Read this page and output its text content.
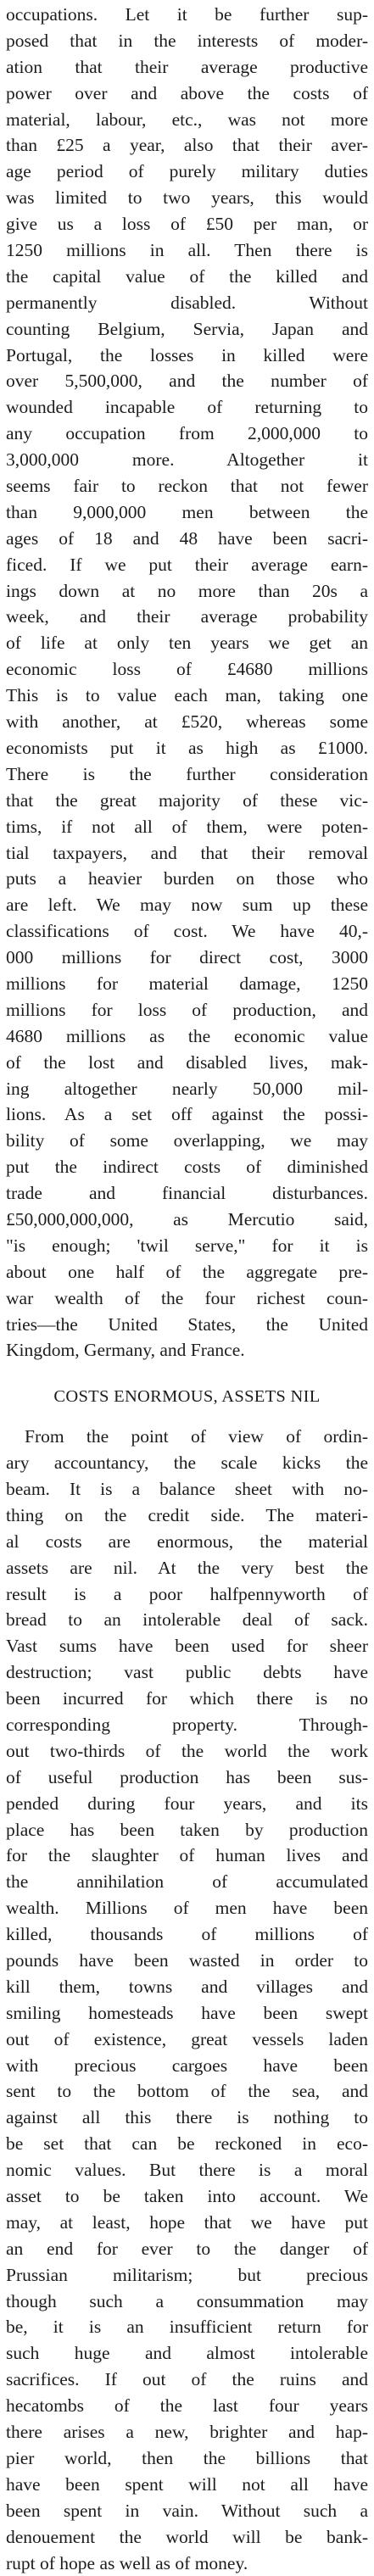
occupations. Let it be further sup-
posed that in the interests of moder-
ation that their average productive
power over and above the costs of
material, labour, etc., was not more
than £25 a year, also that their aver-
age period of purely military duties
was limited to two years, this would
give us a loss of £50 per man, or
1250 millions in all. Then there is
the capital value of the killed and
permanently disabled. Without
counting Belgium, Servia, Japan and
Portugal, the losses in killed were
over 5,500,000, and the number of
wounded incapable of returning to
any occupation from 2,000,000 to
3,000,000 more. Altogether it
seems fair to reckon that not fewer
than 9,000,000 men between the
ages of 18 and 48 have been sacri-
ficed. If we put their average earn-
ings down at no more than 20s a
week, and their average probability
of life at only ten years we get an
economic loss of £4680 millions
This is to value each man, taking one
with another, at £520, whereas some
economists put it as high as £1000.
There is the further consideration
that the great majority of these vic-
tims, if not all of them, were poten-
tial taxpayers, and that their removal
puts a heavier burden on those who
are left. We may now sum up these
classifications of cost. We have 40,-
000 millions for direct cost, 3000
millions for material damage, 1250
millions for loss of production, and
4680 millions as the economic value
of the lost and disabled lives, mak-
ing altogether nearly 50,000 mil-
lions. As a set off against the possi-
bility of some overlapping, we may
put the indirect costs of diminished
trade and financial disturbances.
£50,000,000,000, as Mercutio said,
"is enough; 'twil serve," for it is
about one half of the aggregate pre-
war wealth of the four richest coun-
tries—the United States, the United
Kingdom, Germany, and France.
COSTS ENORMOUS, ASSETS NIL
From the point of view of ordin-
ary accountancy, the scale kicks the
beam. It is a balance sheet with no-
thing on the credit side. The materi-
al costs are enormous, the material
assets are nil. At the very best the
result is a poor halfpennyworth of
bread to an intolerable deal of sack.
Vast sums have been used for sheer
destruction; vast public debts have
been incurred for which there is no
corresponding property. Through-
out two-thirds of the world the work
of useful production has been sus-
pended during four years, and its
place has been taken by production
for the slaughter of human lives and
the annihilation of accumulated
wealth. Millions of men have been
killed, thousands of millions of
pounds have been wasted in order to
kill them, towns and villages and
smiling homesteads have been swept
out of existence, great vessels laden
with precious cargoes have been
sent to the bottom of the sea, and
against all this there is nothing to
be set that can be reckoned in eco-
nomic values. But there is a moral
asset to be taken into account. We
may, at least, hope that we have put
an end for ever to the danger of
Prussian militarism; but precious
though such a consummation may
be, it is an insufficient return for
such huge and almost intolerable
sacrifices. If out of the ruins and
hecatombs of the last four years
there arises a new, brighter and hap-
pier world, then the billions that
have been spent will not all have
been spent in vain. Without such a
denouement the world will be bank-
rupt of hope as well as of money.
